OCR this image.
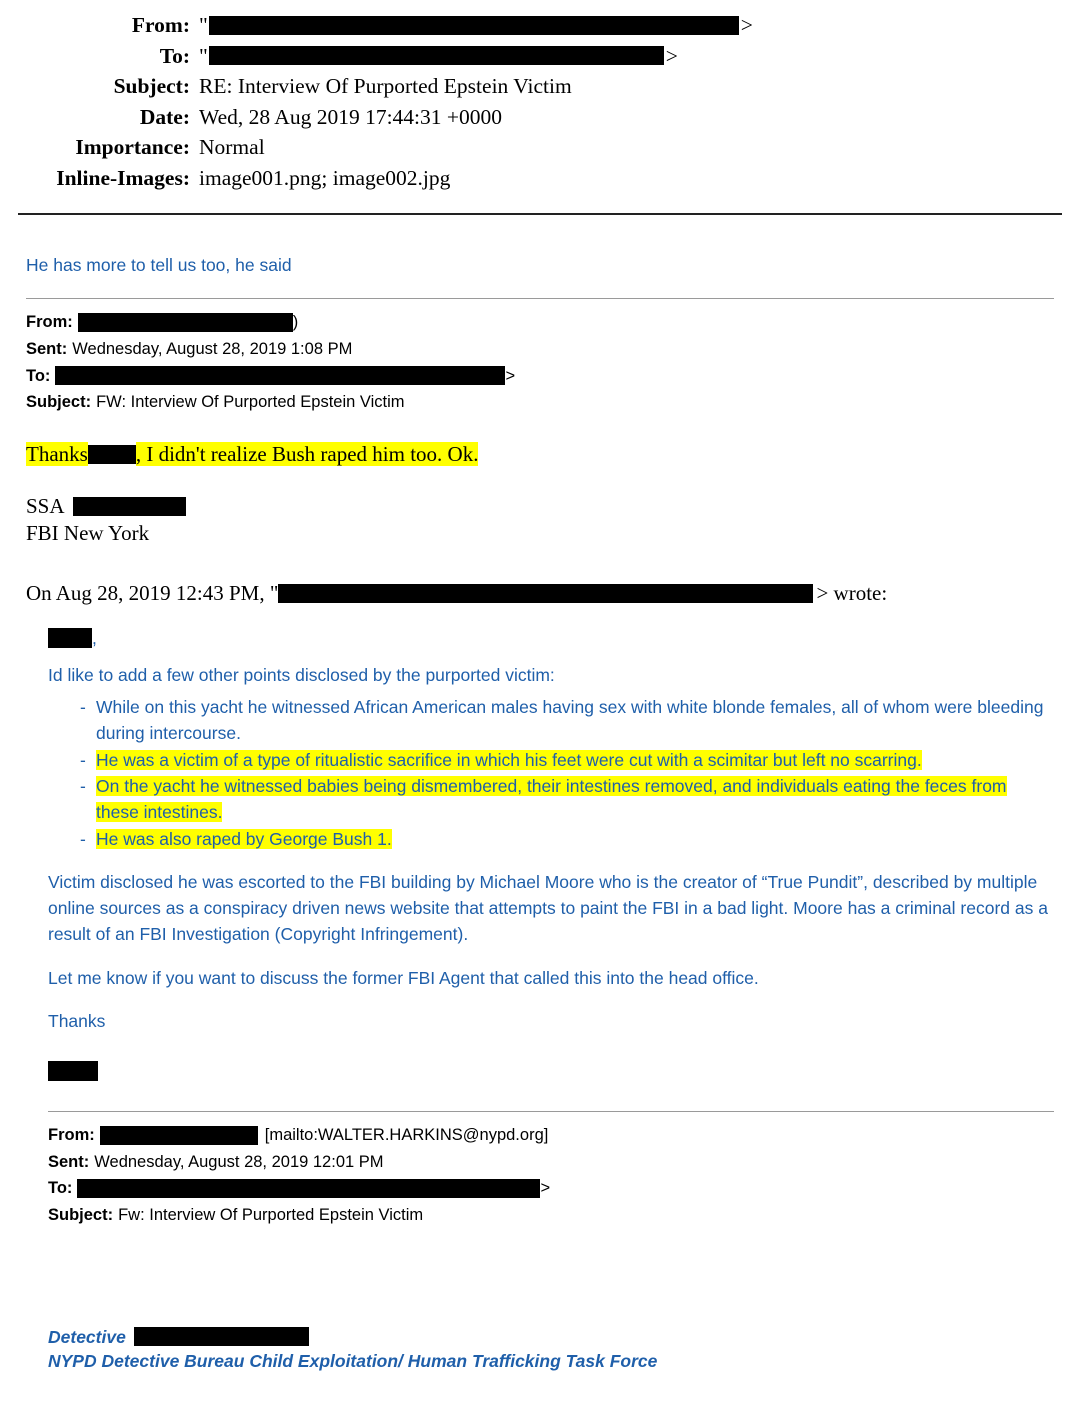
From: "	>
To: "	>
Subject: RE: Interview Of Purported Epstein Victim
Date: Wed, 28 Aug 2019 17:44:31 +0000
Importance: Normal
Inline-Images: image001.png; image002.jpg
He has more to tell us too, he said
From:	)
Sent: Wednesday, August 28, 2019 1:08 PM
To:	>
Subject: FW: Interview Of Purported Epstein Victim
Thanks , I didn't realize Bush raped him too. Ok.
SSA
FBI New York
On Aug 28, 2019 12:43 PM, "	> wrote:

,

Id like to add a few other points disclosed by the purported victim:

- While on this yacht he witnessed African American males having sex with white blonde females, all of whom were bleeding during intercourse.
- He was a victim of a type of ritualistic sacrifice in which his feet were cut with a scimitar but left no scarring.
- On the yacht he witnessed babies being dismembered, their intestines removed, and individuals eating the feces from these intestines.
- He was also raped by George Bush 1.

Victim disclosed he was escorted to the FBI building by Michael Moore who is the creator of “True Pundit”, described by multiple online sources as a conspiracy driven news website that attempts to paint the FBI in a bad light. Moore has a criminal record as a result of an FBI Investigation (Copyright Infringement).

Let me know if you want to discuss the former FBI Agent that called this into the head office.

Thanks

From:	[mailto:WALTER.HARKINS@nypd.org]
Sent: Wednesday, August 28, 2019 12:01 PM
To:	>
Subject: Fw: Interview Of Purported Epstein Victim
Detective
NYPD Detective Bureau Child Exploitation/ Human Trafficking Task Force
